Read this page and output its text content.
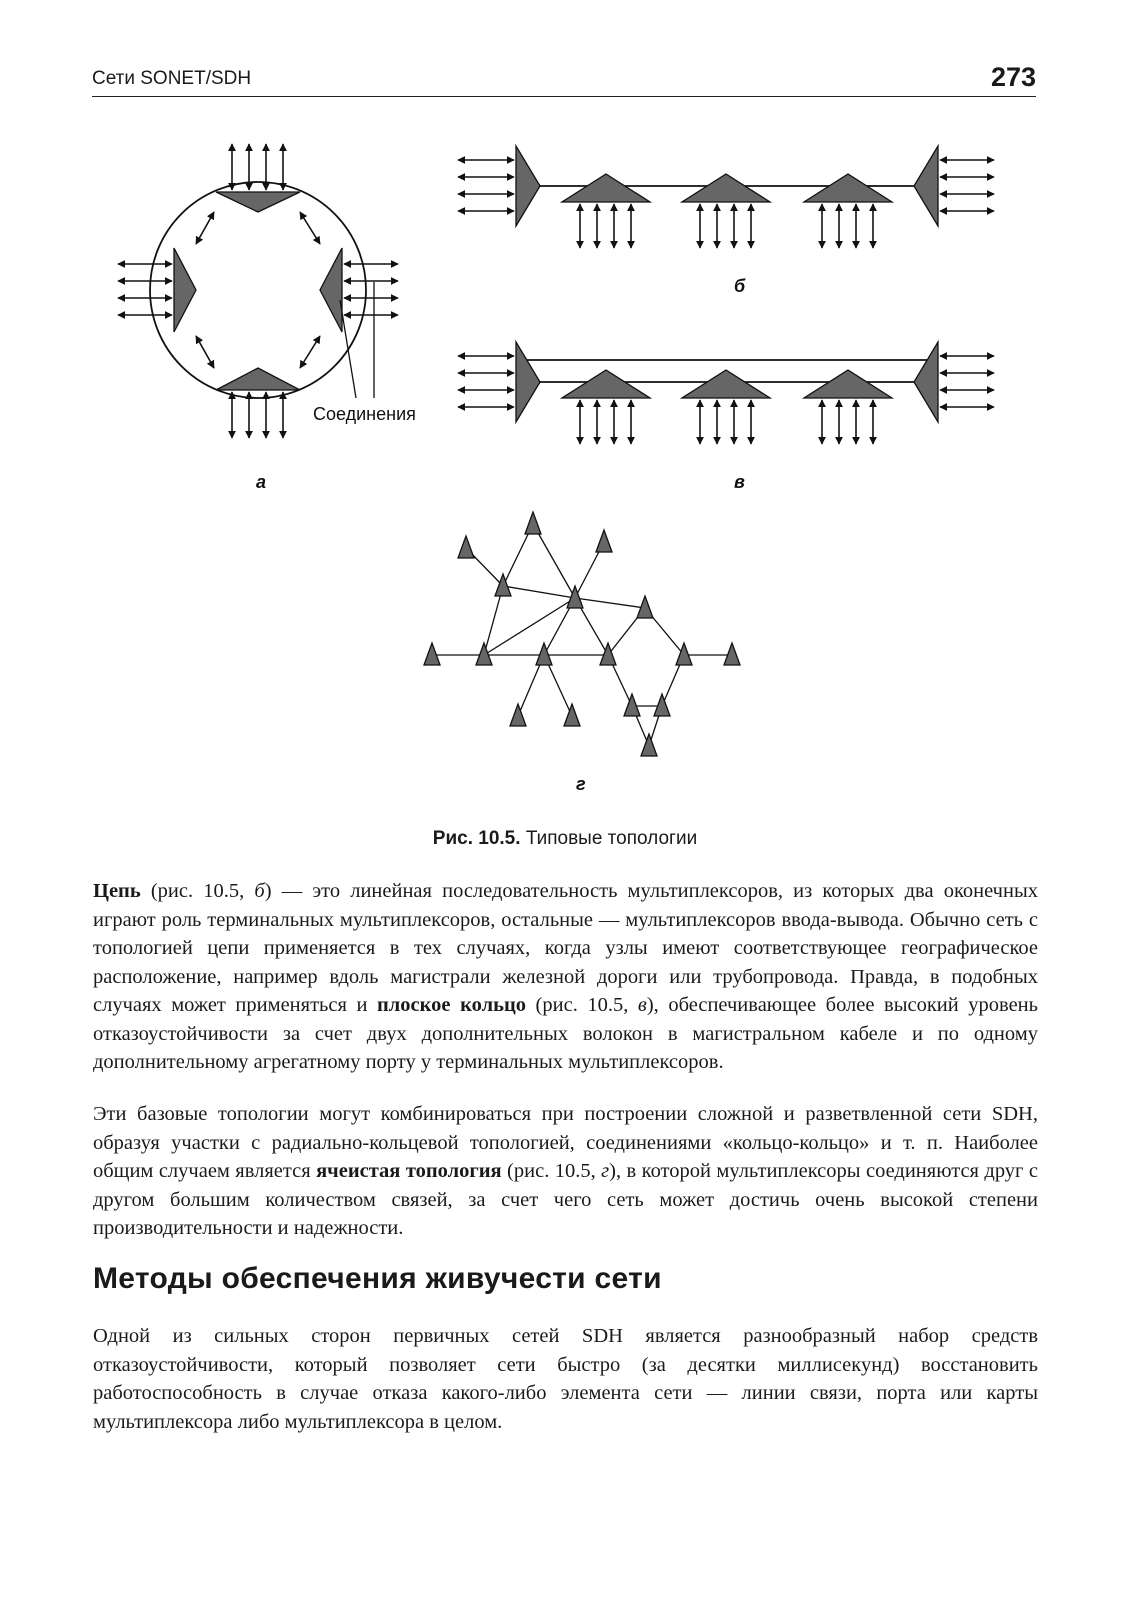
Сети SONET/SDH	273
Соединения
а
б
в
г
Рис. 10.5. Типовые топологии

Цепь (рис. 10.5, б) — это линейная последовательность мультиплексоров, из которых два оконечных играют роль терминальных мультиплексоров, остальные — мультиплексоров ввода-вывода. Обычно сеть с топологией цепи применяется в тех случаях, когда узлы имеют соответствующее географическое расположение, например вдоль магистрали железной дороги или трубопровода. Правда, в подобных случаях может применяться и плоское кольцо (рис. 10.5, в), обеспечивающее более высокий уровень отказоустойчивости за счет двух дополнительных волокон в магистральном кабеле и по одному дополнительному агрегатному порту у терминальных мультиплексоров.

Эти базовые топологии могут комбинироваться при построении сложной и разветвленной сети SDH, образуя участки с радиально-кольцевой топологией, соединениями «кольцо-кольцо» и т. п. Наиболее общим случаем является ячеистая топология (рис. 10.5, г), в которой мультиплексоры соединяются друг с другом большим количеством связей, за счет чего сеть может достичь очень высокой степени производительности и надежности.

Методы обеспечения живучести сети

Одной из сильных сторон первичных сетей SDH является разнообразный набор средств отказоустойчивости, который позволяет сети быстро (за десятки миллисекунд) восстановить работоспособность в случае отказа какого-либо элемента сети — линии связи, порта или карты мультиплексора либо мультиплексора в целом.
